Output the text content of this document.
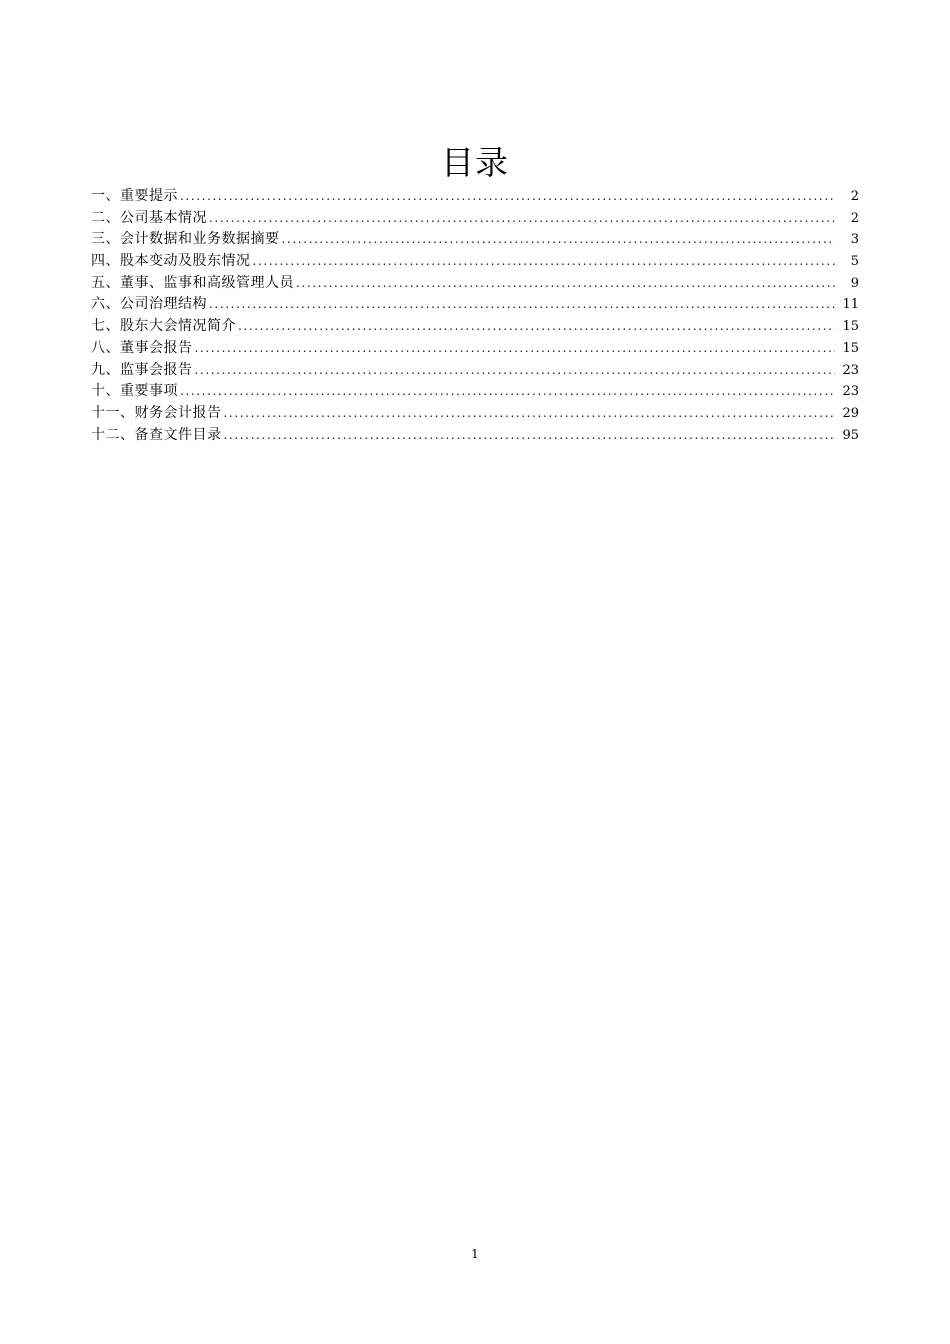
目录
一、重要提示 .....	2
二、公司基本情况 .....	2
三、会计数据和业务数据摘要 .....	3
四、股本变动及股东情况 .....	5
五、董事、监事和高级管理人员 .....	9
六、公司治理结构 .....	11
七、股东大会情况简介 .....	15
八、董事会报告 .....	15
九、监事会报告 .....	23
十、重要事项 .....	23
十一、财务会计报告 .....	29
十二、备查文件目录 .....	95
1
